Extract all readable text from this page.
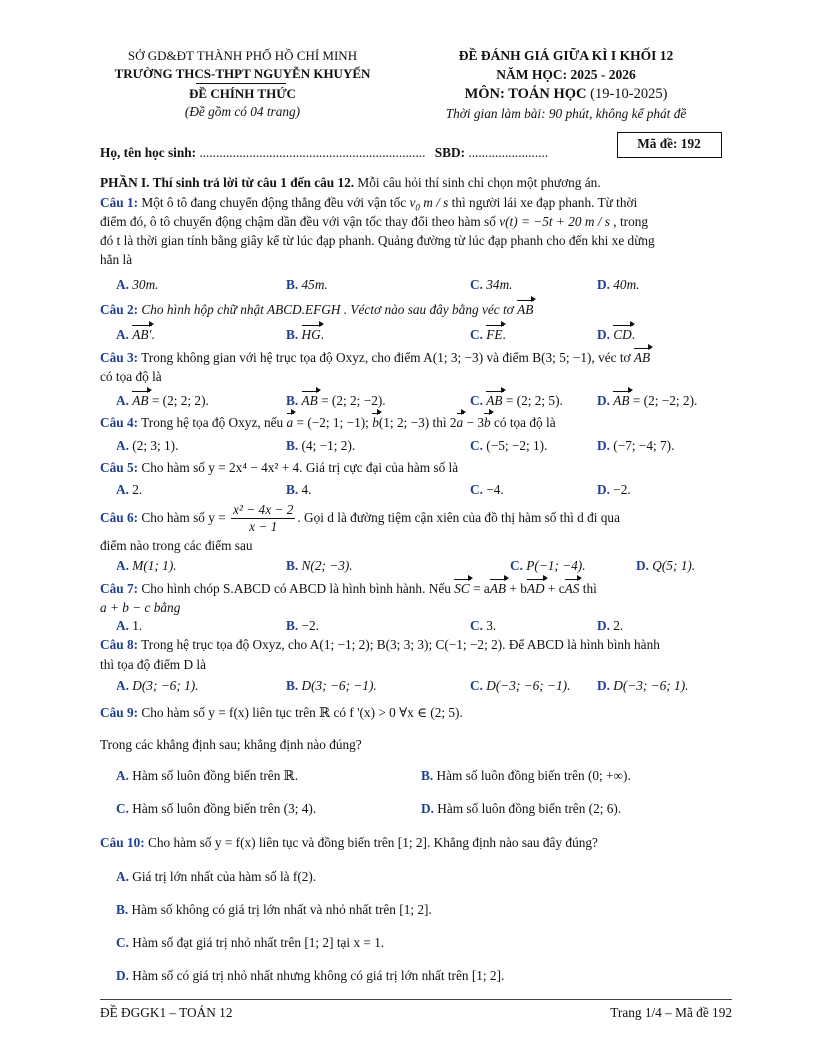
SỞ GD&ĐT THÀNH PHỐ HỒ CHÍ MINH
TRƯỜNG THCS-THPT NGUYỄN KHUYẾN
ĐỀ CHÍNH THỨC
(Đề gồm có 04 trang)
ĐỀ ĐÁNH GIÁ GIỮA KÌ I KHỐI 12
NĂM HỌC: 2025 - 2026
MÔN: TOÁN HỌC (19-10-2025)
Thời gian làm bài: 90 phút, không kể phát đề
Họ, tên học sinh: .................................................................... SBD: ........................
Mã đề: 192
PHẦN I. Thí sinh trả lời từ câu 1 đến câu 12. Mỗi câu hỏi thí sinh chỉ chọn một phương án.
Câu 1: Một ô tô đang chuyển động thẳng đều với vận tốc $v_0$ m / s thì người lái xe đạp phanh. Từ thời
điểm đó, ô tô chuyển động chậm dần đều với vận tốc thay đổi theo hàm số v(t) = −5t + 20 m / s , trong
đó t là thời gian tính bằng giây kể từ lúc đạp phanh. Quảng đường từ lúc đạp phanh cho đến khi xe dừng
hẳn là
A. 30m.	B. 45m.	C. 34m.	D. 40m.
Câu 2: Cho hình hộp chữ nhật ABCD.EFGH . Véctơ nào sau đây bằng véc tơ AB
A. AB'.	B. HG.	C. FE.	D. CD.
Câu 3: Trong không gian với hệ trục tọa độ Oxyz, cho điểm A(1; 3; −3) và điểm B(3; 5; −1), véc tơ AB
có tọa độ là
A. AB = (2; 2; 2).	B. AB = (2; 2; −2).	C. AB = (2; 2; 5).	D. AB = (2; −2; 2).
Câu 4: Trong hệ tọa độ Oxyz, nếu a = (−2; 1; −1); b(1; 2; −3) thì 2a − 3b có tọa độ là
A. (2; 3; 1).	B. (4; −1; 2).	C. (−5; −2; 1).	D. (−7; −4; 7).
Câu 5: Cho hàm số y = 2x⁴ − 4x² + 4. Giá trị cực đại của hàm số là
A. 2.	B. 4.	C. −4.	D. −2.
Câu 6: Cho hàm số $y = \frac{\text{x² − 4x − 2}}{x - 1}$ . Gọi d là đường tiệm cận xiên của đồ thị hàm số thì d đi qua
điểm nào trong các điểm sau
A. M(1; 1).	B. N(2; −3).	C. P(−1; −4).	D. Q(5; 1).
Câu 7: Cho hình chóp S.ABCD có ABCD là hình bình hành. Nếu SC = aAB + bAD + cAS thì
a + b − c bằng
A. 1.	B. −2.	C. 3.	D. 2.
Câu 8: Trong hệ trục tọa độ Oxyz, cho A(1; −1; 2); B(3; 3; 3); C(−1; −2; 2). Để ABCD là hình bình hành
thì tọa độ điểm D là
A. D(3; −6; 1).	B. D(3; −6; −1).	C. D(−3; −6; −1). D. D(−3; −6; 1).
Câu 9: Cho hàm số y = f(x) liên tục trên ℝ có f '(x) > 0 ∀x ∈ (2; 5).
Trong các khẳng định sau; khẳng định nào đúng?
A. Hàm số luôn đồng biến trên ℝ.	B. Hàm số luôn đồng biến trên (0; +∞).
C. Hàm số luôn đồng biến trên (3; 4).	D. Hàm số luôn đồng biến trên (2; 6).
Câu 10: Cho hàm số y = f(x) liên tục và đồng biến trên [1; 2]. Khẳng định nào sau đây đúng?
A. Giá trị lớn nhất của hàm số là f(2).
B. Hàm số không có giá trị lớn nhất và nhỏ nhất trên [1; 2].
C. Hàm số đạt giá trị nhỏ nhất trên [1; 2] tại x = 1.
D. Hàm số có giá trị nhỏ nhất nhưng không có giá trị lớn nhất trên [1; 2].
ĐỀ ĐGGK1 – TOÁN 12	Trang 1/4 – Mã đề 192
